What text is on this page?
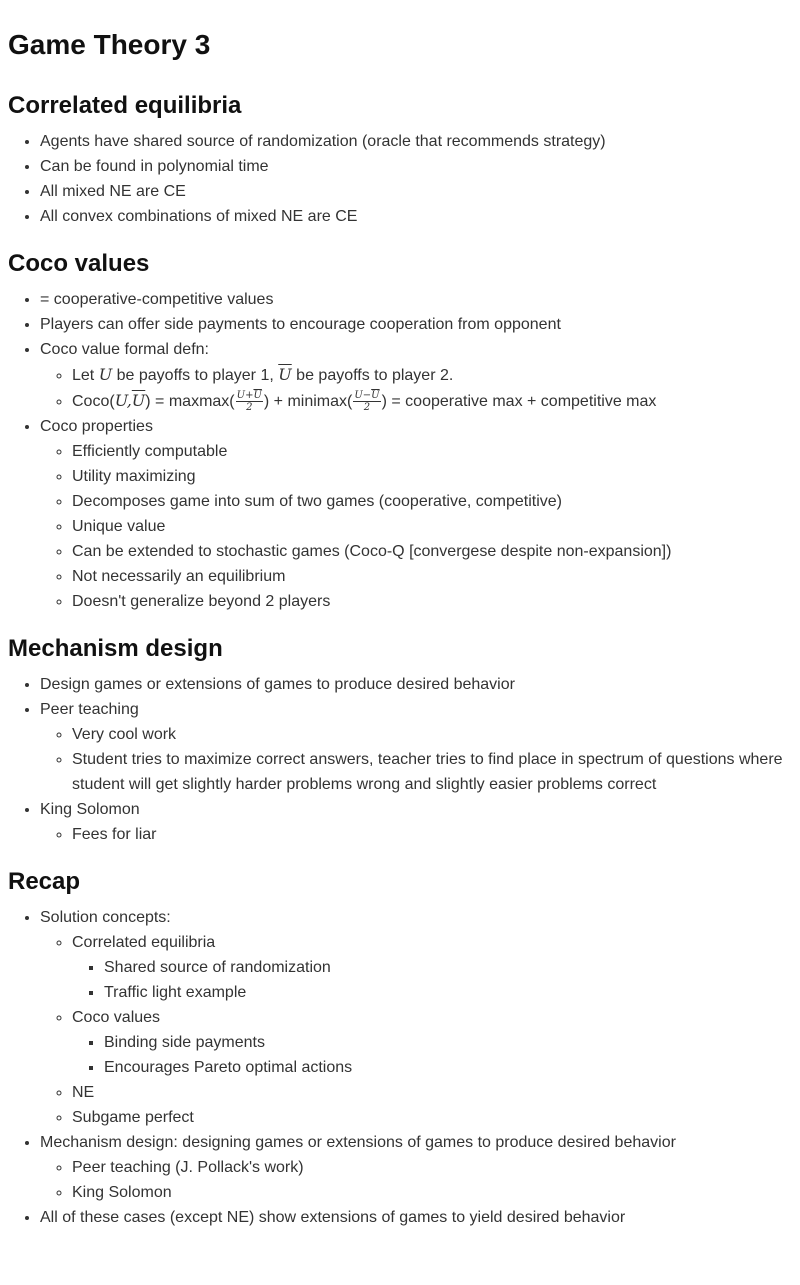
Game Theory 3
Correlated equilibria
• Agents have shared source of randomization (oracle that recommends strategy)
• Can be found in polynomial time
• All mixed NE are CE
• All convex combinations of mixed NE are CE
Coco values
• = cooperative-competitive values
• Players can offer side payments to encourage cooperation from opponent
• Coco value formal defn:
◦ Let U be payoffs to player 1, $\overline{U}$ be payoffs to player 2.
◦ $Coco(U,\overline{U}) = maxmax( \frac{U+\overline{U}}{2}$ ) + minimax( $\frac{U-\overline{U}}{2}$ ) = cooperative max + competitive max
• Coco properties
◦ Efficiently computable
◦ Utility maximizing
◦ Decomposes game into sum of two games (cooperative, competitive)
◦ Unique value
◦ Can be extended to stochastic games (Coco-Q [convergese despite non-expansion])
◦ Not necessarily an equilibrium
◦ Doesn't generalize beyond 2 players
Mechanism design
• Design games or extensions of games to produce desired behavior
• Peer teaching
◦ Very cool work
◦ Student tries to maximize correct answers, teacher tries to find place in spectrum of questions where student will get slightly harder problems wrong and slightly easier problems correct
• King Solomon
◦ Fees for liar
Recap
• Solution concepts:
◦ Correlated equilibria
▪ Shared source of randomization
▪ Traffic light example
◦ Coco values
▪ Binding side payments
▪ Encourages Pareto optimal actions
◦ NE
◦ Subgame perfect
• Mechanism design: designing games or extensions of games to produce desired behavior
◦ Peer teaching (J. Pollack's work)
◦ King Solomon
• All of these cases (except NE) show extensions of games to yield desired behavior
